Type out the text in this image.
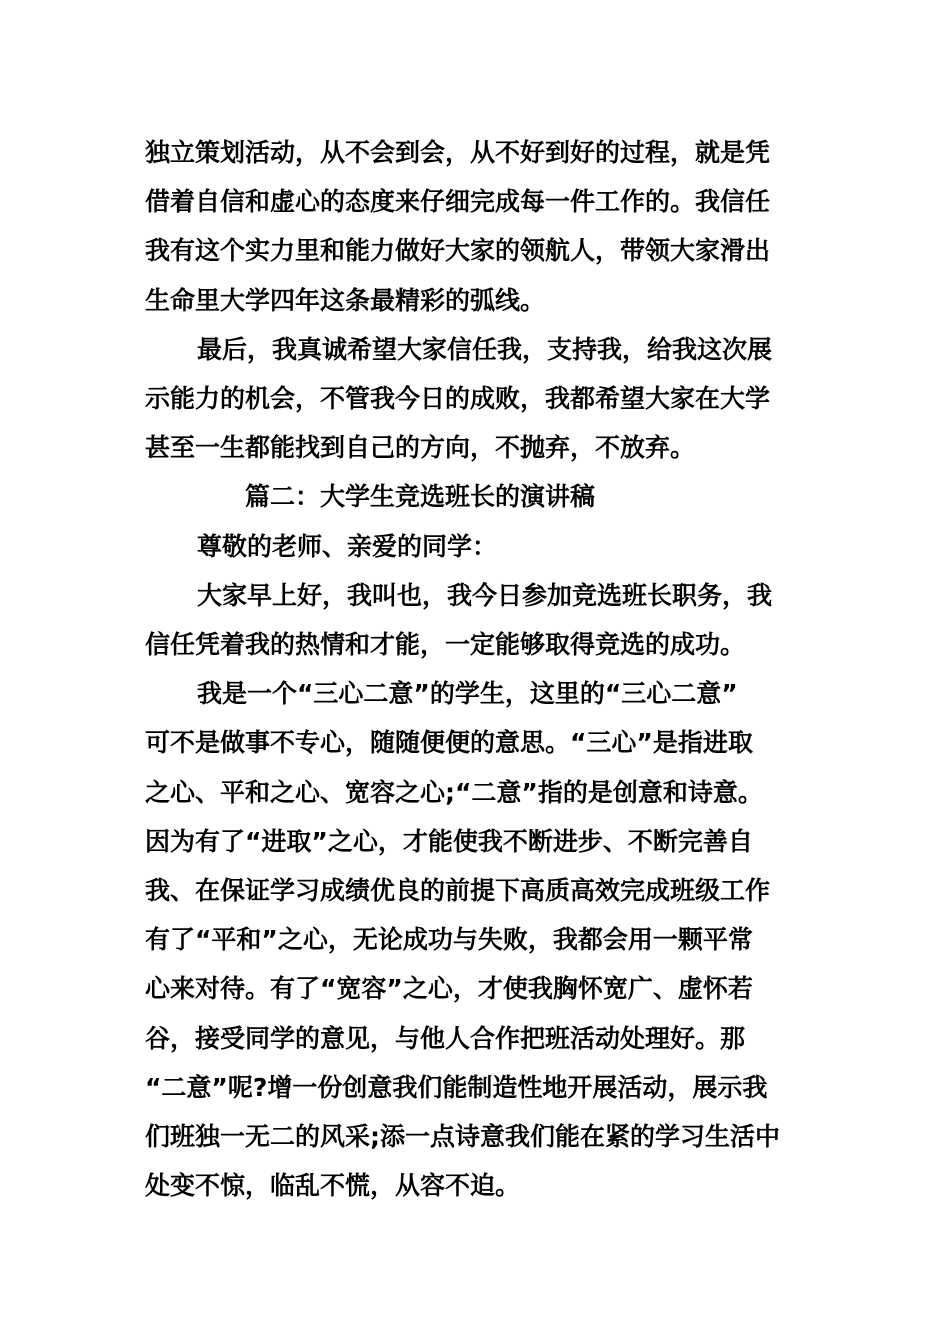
独立策划活动，从不会到会，从不好到好的过程，就是凭
借着自信和虚心的态度来仔细完成每一件工作的。我信任
我有这个实力里和能力做好大家的领航人，带领大家滑出
生命里大学四年这条最精彩的弧线。
最后，我真诚希望大家信任我，支持我，给我这次展
示能力的机会，不管我今日的成败，我都希望大家在大学
甚至一生都能找到自己的方向，不抛弃，不放弃。
篇二：大学生竞选班长的演讲稿
尊敬的老师、亲爱的同学：
大家早上好，我叫也，我今日参加竞选班长职务，我
信任凭着我的热情和才能，一定能够取得竞选的成功。
我是一个“三心二意”的学生，这里的“三心二意”
可不是做事不专心，随随便便的意思。“三心”是指进取
之心、平和之心、宽容之心;“二意”指的是创意和诗意。
因为有了“进取”之心，才能使我不断进步、不断完善自
我、在保证学习成绩优良的前提下高质高效完成班级工作
有了“平和”之心，无论成功与失败，我都会用一颗平常
心来对待。有了“宽容”之心，才使我胸怀宽广、虚怀若
谷，接受同学的意见，与他人合作把班活动处理好。那
“二意”呢?增一份创意我们能制造性地开展活动，展示我
们班独一无二的风采;添一点诗意我们能在紧的学习生活中
处变不惊，临乱不慌，从容不迫。
